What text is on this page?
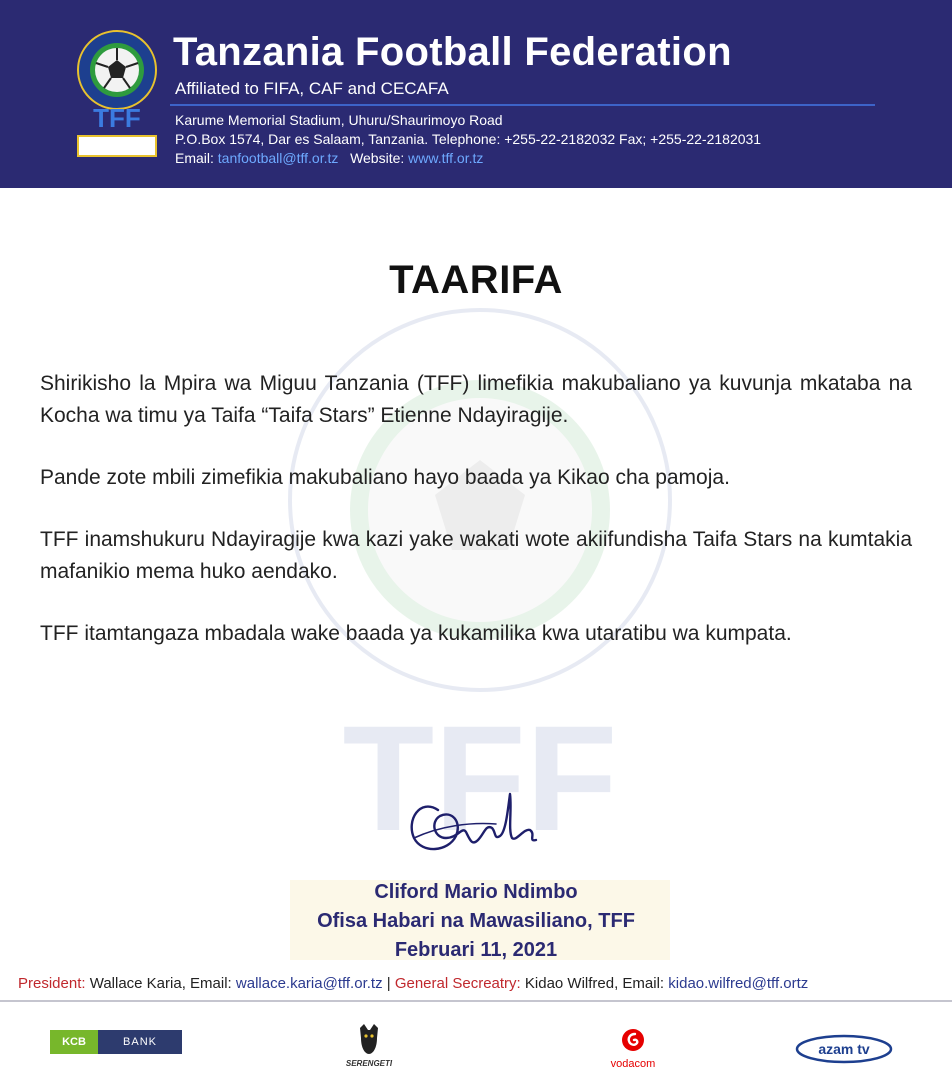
TFF
Tanzania Football Federation
Affiliated to FIFA, CAF and CECAFA
Karume Memorial Stadium, Uhuru/Shaurimoyo Road
P.O.Box 1574, Dar es Salaam, Tanzania. Telephone: +255-22-2182032 Fax; +255-22-2182031
Email: tanfootball@tff.or.tz Website: www.tff.or.tz
TFF
TAARIFA

Shirikisho la Mpira wa Miguu Tanzania (TFF) limefikia makubaliano ya kuvunja mkataba na Kocha wa timu ya Taifa “Taifa Stars” Etienne Ndayiragije.

Pande zote mbili zimefikia makubaliano hayo baada ya Kikao cha pamoja.

TFF inamshukuru Ndayiragije kwa kazi yake wakati wote akiifundisha Taifa Stars na kumtakia mafanikio mema huko aendako.

TFF itamtangaza mbadala wake baada ya kukamilika kwa utaratibu wa kumpata.

Cliford Mario Ndimbo
Ofisa Habari na Mawasiliano, TFF
Februari 11, 2021
President: Wallace Karia, Email: wallace.karia@tff.or.tz | General Secreatry: Kidao Wilfred, Email: kidao.wilfred@tff.ortz
KCB	BANK
SERENGETI	vodacom
azam tv
